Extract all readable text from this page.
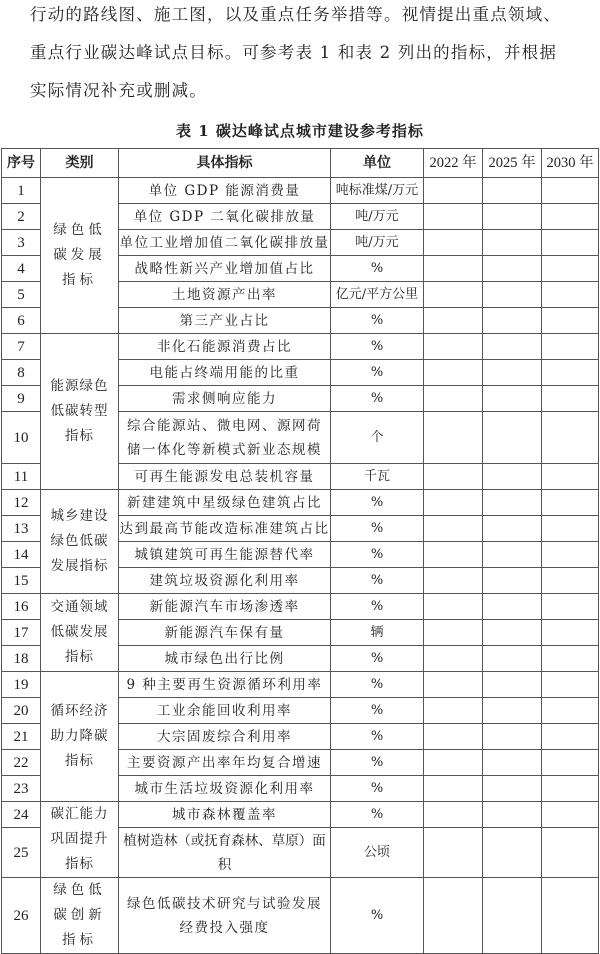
行动的路线图、施工图，以及重点任务举措等。视情提出重点领域、
重点行业碳达峰试点目标。可参考表 1 和表 2 列出的指标，并根据
实际情况补充或删减。
表 1 碳达峰试点城市建设参考指标
序号	类别	具体指标	单位	2022 年	2025 年	2030 年
1	绿色低碳发展指标	单位 GDP 能源消费量	吨标准煤/万元			
2		单位 GDP 二氧化碳排放量	吨/万元			
3		单位工业增加值二氧化碳排放量	吨/万元			
4		战略性新兴产业增加值占比	%			
5		土地资源产出率	亿元/平方公里			
6		第三产业占比	%			
7	能源绿色低碳转型指标	非化石能源消费占比	%			
8		电能占终端用能的比重	%			
9		需求侧响应能力	%			
10		综合能源站、微电网、源网荷储一体化等新模式新业态规模	个			
11		可再生能源发电总装机容量	千瓦			
12	城乡建设绿色低碳发展指标	新建建筑中星级绿色建筑占比	%			
13		达到最高节能改造标准建筑占比	%			
14		城镇建筑可再生能源替代率	%			
15		建筑垃圾资源化利用率	%			
16	交通领域低碳发展指标	新能源汽车市场渗透率	%			
17		新能源汽车保有量	辆			
18		城市绿色出行比例	%			
19	循环经济助力降碳指标	9 种主要再生资源循环利用率	%			
20		工业余能回收利用率	%			
21		大宗固废综合利用率	%			
22		主要资源产出率年均复合增速	%			
23		城市生活垃圾资源化利用率	%			
24	碳汇能力巩固提升指标	城市森林覆盖率	%			
25		植树造林（或抚育森林、草原）面积	公顷			
26	绿色低碳创新指标	绿色低碳技术研究与试验发展经费投入强度	%			
